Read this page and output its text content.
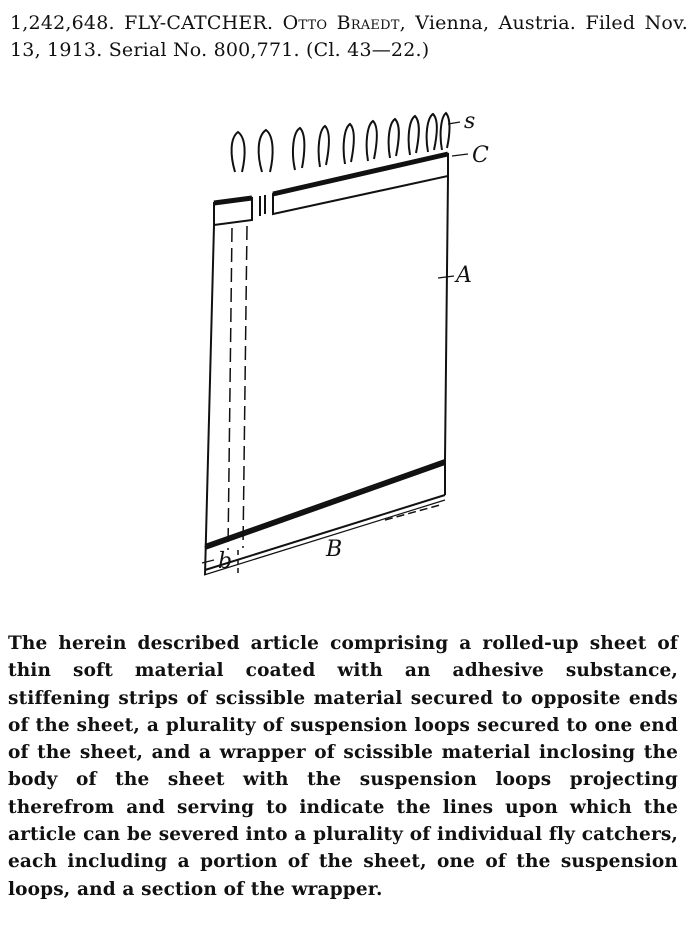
1,242,648. FLY-CATCHER. Otto Braedt, Vienna, Austria. Filed Nov. 13, 1913. Serial No. 800,771. (Cl. 43—22.)
s
C
A
B
b
The herein described article comprising a rolled-up sheet of thin soft material coated with an adhesive substance, stiffening strips of scissible material secured to opposite ends of the sheet, a plurality of suspension loops secured to one end of the sheet, and a wrapper of scissible material inclosing the body of the sheet with the suspension loops projecting therefrom and serving to indicate the lines upon which the article can be severed into a plurality of individual fly catchers, each including a portion of the sheet, one of the suspension loops, and a section of the wrapper.
